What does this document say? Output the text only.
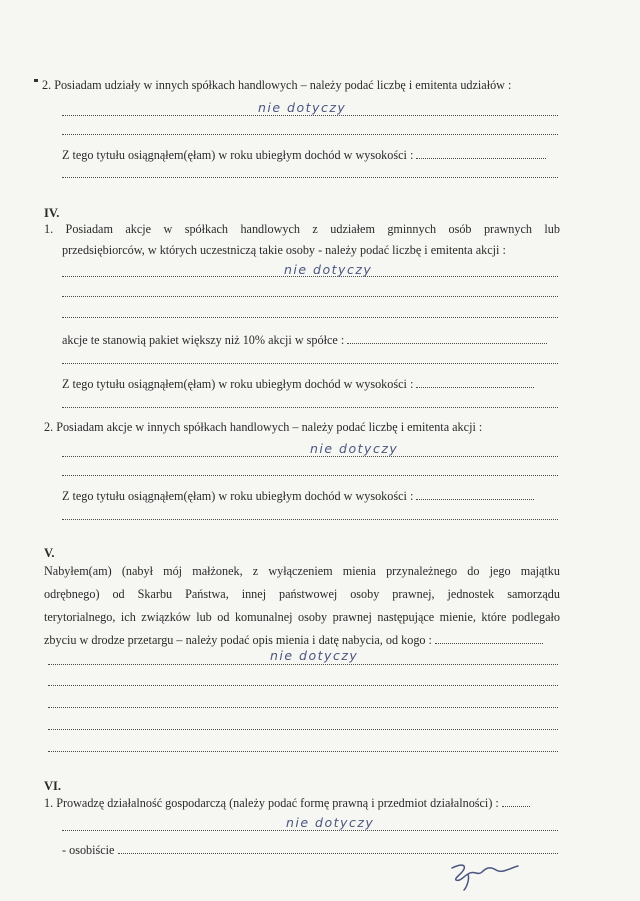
2. Posiadam udziały w innych spółkach handlowych – należy podać liczbę i emitenta udziałów :
nie dotyczy
Z tego tytułu osiągnąłem(ęłam) w roku ubiegłym dochód w wysokości :
IV.
1. Posiadam akcje w spółkach handlowych z udziałem gminnych osób prawnych lub
przedsiębiorców, w których uczestniczą takie osoby - należy podać liczbę i emitenta akcji :
nie dotyczy
akcje te stanowią pakiet większy niż 10% akcji w spółce :
Z tego tytułu osiągnąłem(ęłam) w roku ubiegłym dochód w wysokości :
2. Posiadam akcje w innych spółkach handlowych – należy podać liczbę i emitenta akcji :
nie dotyczy
Z tego tytułu osiągnąłem(ęłam) w roku ubiegłym dochód w wysokości :
V.
Nabyłem(am) (nabył mój małżonek, z wyłączeniem mienia przynależnego do jego majątku
odrębnego) od Skarbu Państwa, innej państwowej osoby prawnej, jednostek samorządu
terytorialnego, ich związków lub od komunalnej osoby prawnej następujące mienie, które podlegało
zbyciu w drodze przetargu – należy podać opis mienia i datę nabycia, od kogo :
nie dotyczy
VI.
1. Prowadzę działalność gospodarczą (należy podać formę prawną i przedmiot działalności) :
nie dotyczy
- osobiście
